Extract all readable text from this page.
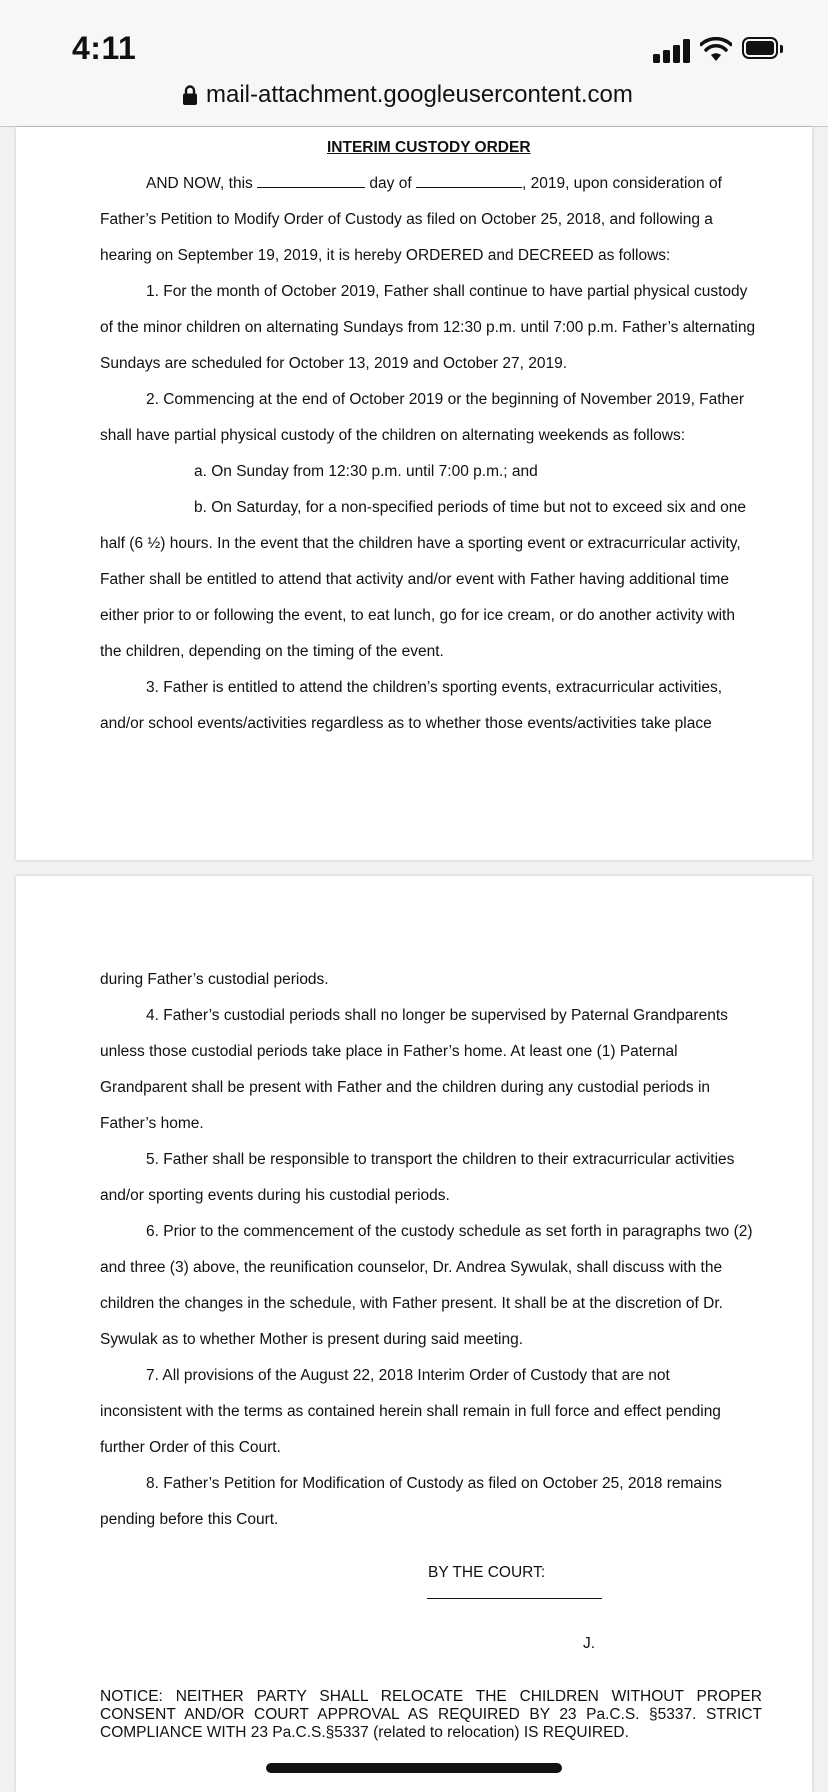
4:11
mail-attachment.googleusercontent.com
INTERIM CUSTODY ORDER
AND NOW, this	day of	, 2019, upon consideration of
Father’s Petition to Modify Order of Custody as filed on October 25, 2018, and following a
hearing on September 19, 2019, it is hereby ORDERED and DECREED as follows:
1. For the month of October 2019, Father shall continue to have partial physical custody
of the minor children on alternating Sundays from 12:30 p.m. until 7:00 p.m. Father’s alternating
Sundays are scheduled for October 13, 2019 and October 27, 2019.
2. Commencing at the end of October 2019 or the beginning of November 2019, Father
shall have partial physical custody of the children on alternating weekends as follows:
a. On Sunday from 12:30 p.m. until 7:00 p.m.; and
b. On Saturday, for a non-specified periods of time but not to exceed six and one
half (6 ½) hours. In the event that the children have a sporting event or extracurricular activity,
Father shall be entitled to attend that activity and/or event with Father having additional time
either prior to or following the event, to eat lunch, go for ice cream, or do another activity with
the children, depending on the timing of the event.
3. Father is entitled to attend the children’s sporting events, extracurricular activities,
and/or school events/activities regardless as to whether those events/activities take place
during Father’s custodial periods.
4. Father’s custodial periods shall no longer be supervised by Paternal Grandparents
unless those custodial periods take place in Father’s home. At least one (1) Paternal
Grandparent shall be present with Father and the children during any custodial periods in
Father’s home.
5. Father shall be responsible to transport the children to their extracurricular activities
and/or sporting events during his custodial periods.
6. Prior to the commencement of the custody schedule as set forth in paragraphs two (2)
and three (3) above, the reunification counselor, Dr. Andrea Sywulak, shall discuss with the
children the changes in the schedule, with Father present. It shall be at the discretion of Dr.
Sywulak as to whether Mother is present during said meeting.
7. All provisions of the August 22, 2018 Interim Order of Custody that are not
inconsistent with the terms as contained herein shall remain in full force and effect pending
further Order of this Court.
8. Father’s Petition for Modification of Custody as filed on October 25, 2018 remains
pending before this Court.
BY THE COURT:
J.
NOTICE: NEITHER PARTY SHALL RELOCATE THE CHILDREN WITHOUT PROPER
CONSENT AND/OR COURT APPROVAL AS REQUIRED BY 23 Pa.C.S. §5337. STRICT
COMPLIANCE WITH 23 Pa.C.S.§5337 (related to relocation) IS REQUIRED.
